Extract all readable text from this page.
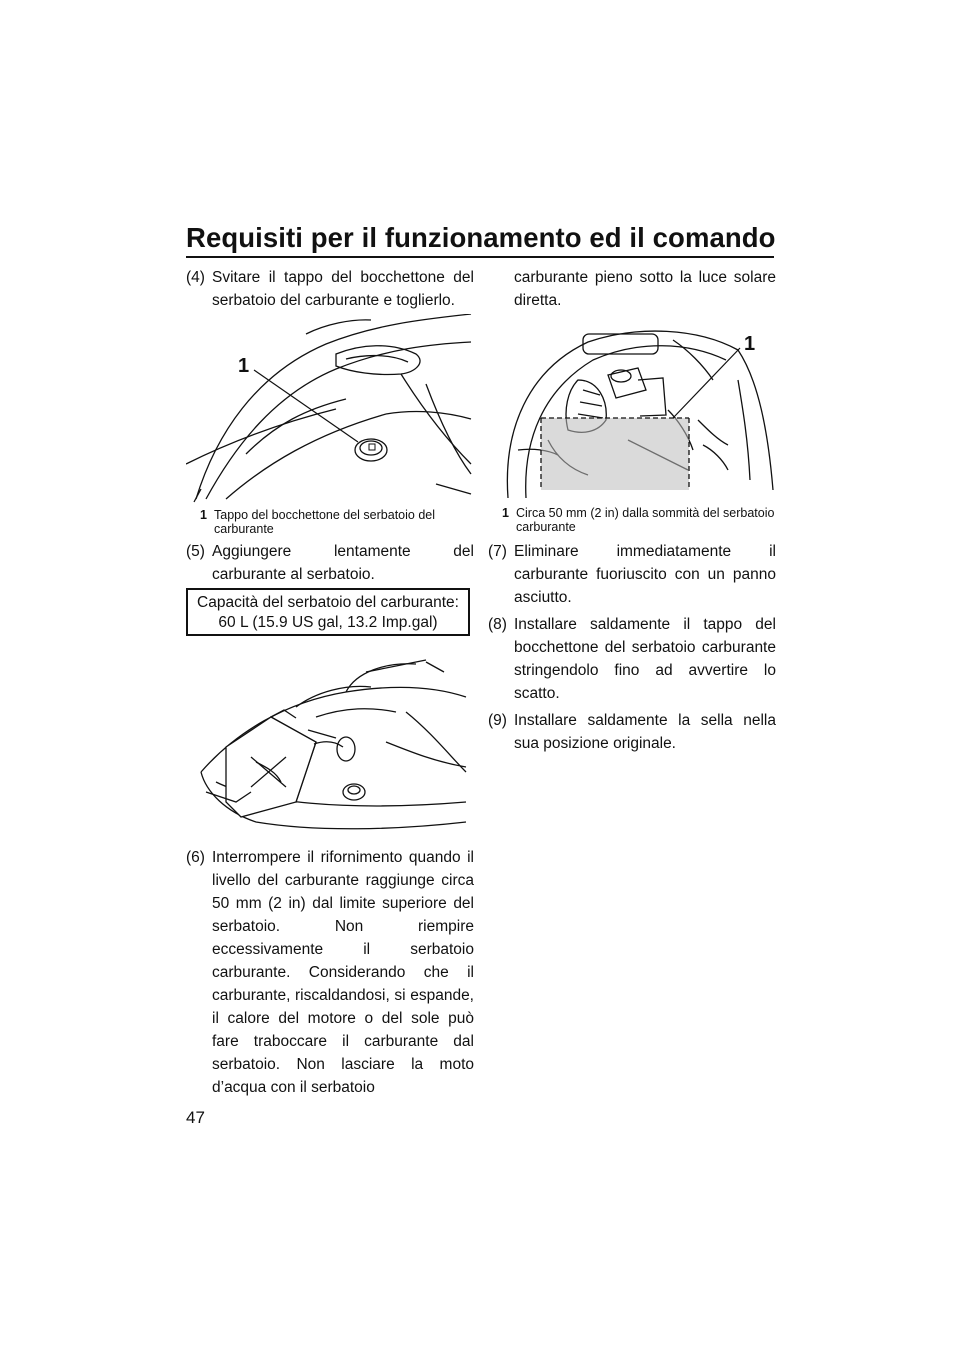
Requisiti per il funzionamento ed il comando
(4) Svitare il tappo del bocchettone del serbatoio del carburante e toglierlo.
1
1 Tappo del bocchettone del serbatoio del carburante
(5) Aggiungere lentamente del carburante al serbatoio.
Capacità del serbatoio del carburante:
60 L (15.9 US gal, 13.2 Imp.gal)
(6) Interrompere il rifornimento quando il livello del carburante raggiunge circa 50 mm (2 in) dal limite superiore del serbatoio. Non riempire eccessivamente il serbatoio carburante. Considerando che il carburante, riscaldandosi, si espande, il calore del motore o del sole può fare traboccare il carburante dal serbatoio. Non lasciare la moto d’acqua con il serbatoio
47
carburante pieno sotto la luce solare diretta.
1
1 Circa 50 mm (2 in) dalla sommità del serbatoio carburante
(7) Eliminare immediatamente il carburante fuoriuscito con un panno asciutto.
(8) Installare saldamente il tappo del bocchettone del serbatoio carburante stringendolo fino ad avvertire lo scatto.
(9) Installare saldamente la sella nella sua posizione originale.
